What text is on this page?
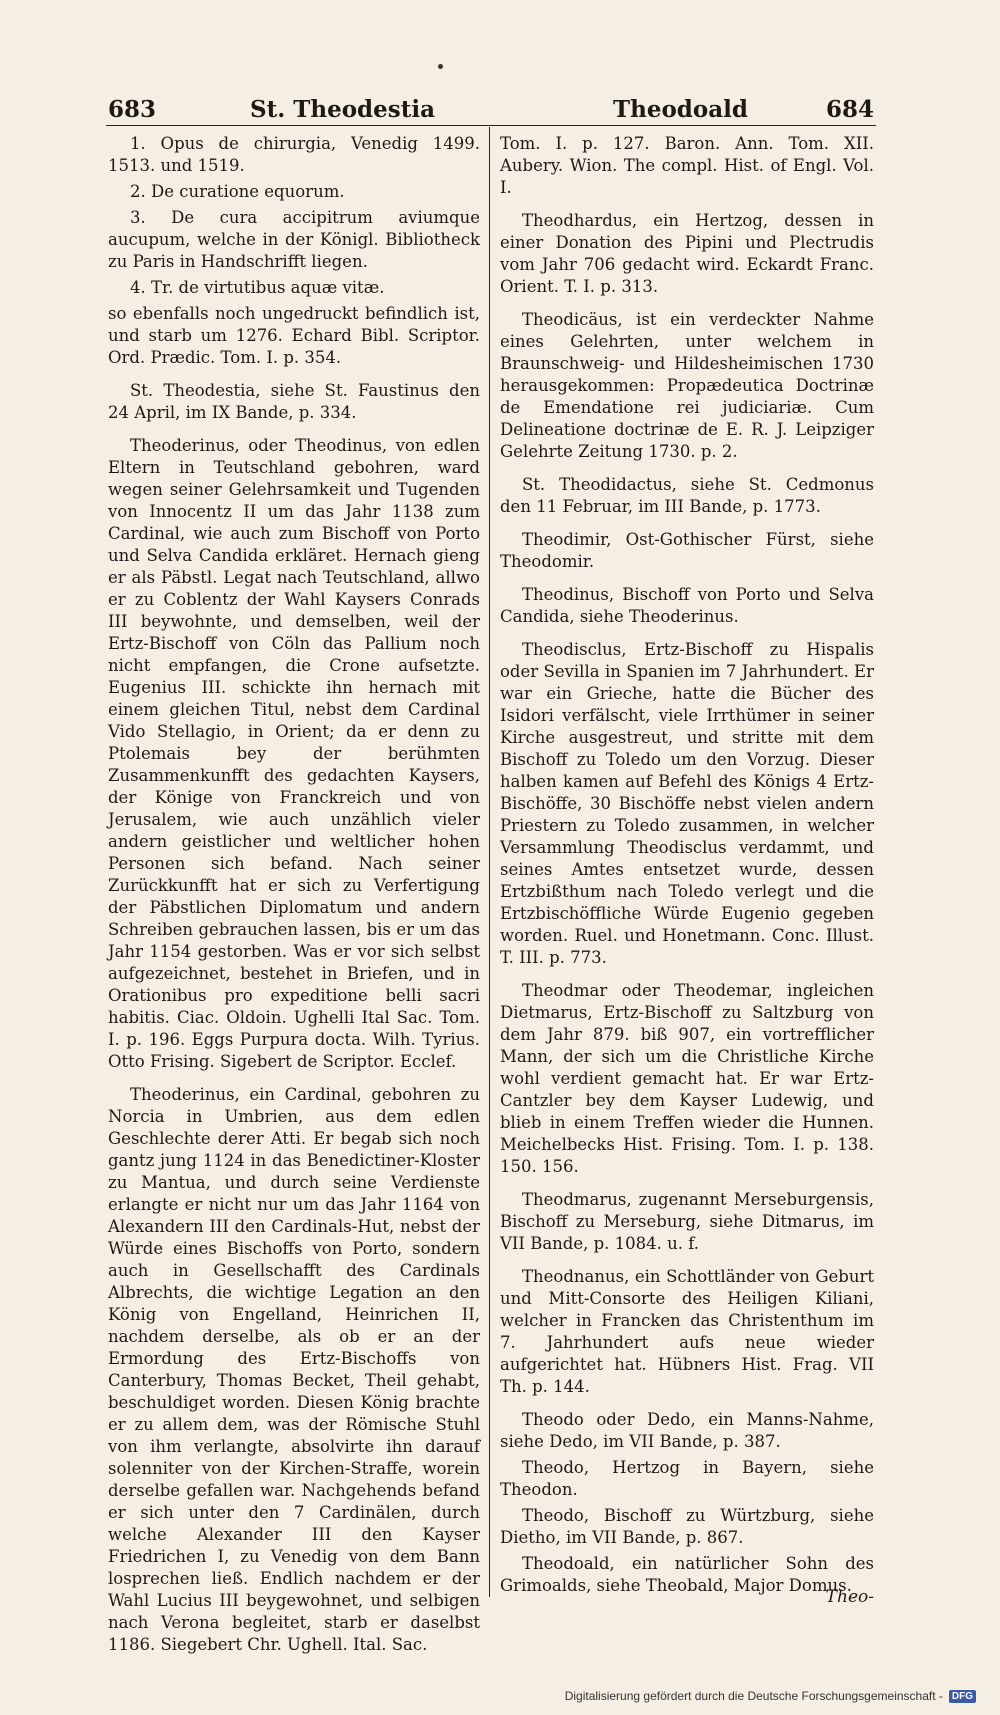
683	St. Theodestia	Theodoald	684

1. Opus de chirurgia, Venedig 1499. 1513. und 1519.

2. De curatione equorum.

3. De cura accipitrum aviumque aucupum, welche in der Königl. Bibliotheck zu Paris in Handschrifft liegen.

4. Tr. de virtutibus aquæ vitæ.

so ebenfalls noch ungedruckt befindlich ist, und starb um 1276. Echard Bibl. Scriptor. Ord. Prædic. Tom. I. p. 354.

St. Theodestia, siehe St. Faustinus den 24 April, im IX Bande, p. 334.

Theoderinus, oder Theodinus, von edlen Eltern in Teutschland gebohren, ward wegen seiner Gelehrsamkeit und Tugenden von Innocentz II um das Jahr 1138 zum Cardinal, wie auch zum Bischoff von Porto und Selva Candida erkläret. Hernach gieng er als Päbstl. Legat nach Teutschland, allwo er zu Coblentz der Wahl Kaysers Conrads III beywohnte, und demselben, weil der Ertz-Bischoff von Cöln das Pallium noch nicht empfangen, die Crone aufsetzte. Eugenius III. schickte ihn hernach mit einem gleichen Titul, nebst dem Cardinal Vido Stellagio, in Orient; da er denn zu Ptolemais bey der berühmten Zusammenkunfft des gedachten Kaysers, der Könige von Franckreich und von Jerusalem, wie auch unzählich vieler andern geistlicher und weltlicher hohen Personen sich befand. Nach seiner Zurückkunfft hat er sich zu Verfertigung der Päbstlichen Diplomatum und andern Schreiben gebrauchen lassen, bis er um das Jahr 1154 gestorben. Was er vor sich selbst aufgezeichnet, bestehet in Briefen, und in Orationibus pro expeditione belli sacri habitis. Ciac. Oldoin. Ughelli Ital Sac. Tom. I. p. 196. Eggs Purpura docta. Wilh. Tyrius. Otto Frising. Sigebert de Scriptor. Ecclef.

Theoderinus, ein Cardinal, gebohren zu Norcia in Umbrien, aus dem edlen Geschlechte derer Atti. Er begab sich noch gantz jung 1124 in das Benedictiner-Kloster zu Mantua, und durch seine Verdienste erlangte er nicht nur um das Jahr 1164 von Alexandern III den Cardinals-Hut, nebst der Würde eines Bischoffs von Porto, sondern auch in Gesellschafft des Cardinals Albrechts, die wichtige Legation an den König von Engelland, Heinrichen II, nachdem derselbe, als ob er an der Ermordung des Ertz-Bischoffs von Canterbury, Thomas Becket, Theil gehabt, beschuldiget worden. Diesen König brachte er zu allem dem, was der Römische Stuhl von ihm verlangte, absolvirte ihn darauf solenniter von der Kirchen-Straffe, worein derselbe gefallen war. Nachgehends befand er sich unter den 7 Cardinälen, durch welche Alexander III den Kayser Friedrichen I, zu Venedig von dem Bann losprechen ließ. Endlich nachdem er der Wahl Lucius III beygewohnet, und selbigen nach Verona begleitet, starb er daselbst 1186. Siegebert Chr. Ughell. Ital. Sac.

Tom. I. p. 127. Baron. Ann. Tom. XII. Aubery. Wion. The compl. Hist. of Engl. Vol. I.

Theodhardus, ein Hertzog, dessen in einer Donation des Pipini und Plectrudis vom Jahr 706 gedacht wird. Eckardt Franc. Orient. T. I. p. 313.

Theodicäus, ist ein verdeckter Nahme eines Gelehrten, unter welchem in Braunschweig- und Hildesheimischen 1730 herausgekommen: Propædeutica Doctrinæ de Emendatione rei judiciariæ. Cum Delineatione doctrinæ de E. R. J. Leipziger Gelehrte Zeitung 1730. p. 2.

St. Theodidactus, siehe St. Cedmonus den 11 Februar, im III Bande, p. 1773.

Theodimir, Ost-Gothischer Fürst, siehe Theodomir.

Theodinus, Bischoff von Porto und Selva Candida, siehe Theoderinus.

Theodisclus, Ertz-Bischoff zu Hispalis oder Sevilla in Spanien im 7 Jahrhundert. Er war ein Grieche, hatte die Bücher des Isidori verfälscht, viele Irrthümer in seiner Kirche ausgestreut, und stritte mit dem Bischoff zu Toledo um den Vorzug. Dieser halben kamen auf Befehl des Königs 4 Ertz-Bischöffe, 30 Bischöffe nebst vielen andern Priestern zu Toledo zusammen, in welcher Versammlung Theodisclus verdammt, und seines Amtes entsetzet wurde, dessen Ertzbißthum nach Toledo verlegt und die Ertzbischöffliche Würde Eugenio gegeben worden. Ruel. und Honetmann. Conc. Illust. T. III. p. 773.

Theodmar oder Theodemar, ingleichen Dietmarus, Ertz-Bischoff zu Saltzburg von dem Jahr 879. biß 907, ein vortrefflicher Mann, der sich um die Christliche Kirche wohl verdient gemacht hat. Er war Ertz-Cantzler bey dem Kayser Ludewig, und blieb in einem Treffen wieder die Hunnen. Meichelbecks Hist. Frising. Tom. I. p. 138. 150. 156.

Theodmarus, zugenannt Merseburgensis, Bischoff zu Merseburg, siehe Ditmarus, im VII Bande, p. 1084. u. f.

Theodnanus, ein Schottländer von Geburt und Mitt-Consorte des Heiligen Kiliani, welcher in Francken das Christenthum im 7. Jahrhundert aufs neue wieder aufgerichtet hat. Hübners Hist. Frag. VII Th. p. 144.

Theodo oder Dedo, ein Manns-Nahme, siehe Dedo, im VII Bande, p. 387.

Theodo, Hertzog in Bayern, siehe Theodon.

Theodo, Bischoff zu Würtzburg, siehe Dietho, im VII Bande, p. 867.

Theodoald, ein natürlicher Sohn des Grimoalds, siehe Theobald, Major Domus.

Theo-
Digitalisierung gefördert durch die Deutsche Forschungsgemeinschaft - DFG
